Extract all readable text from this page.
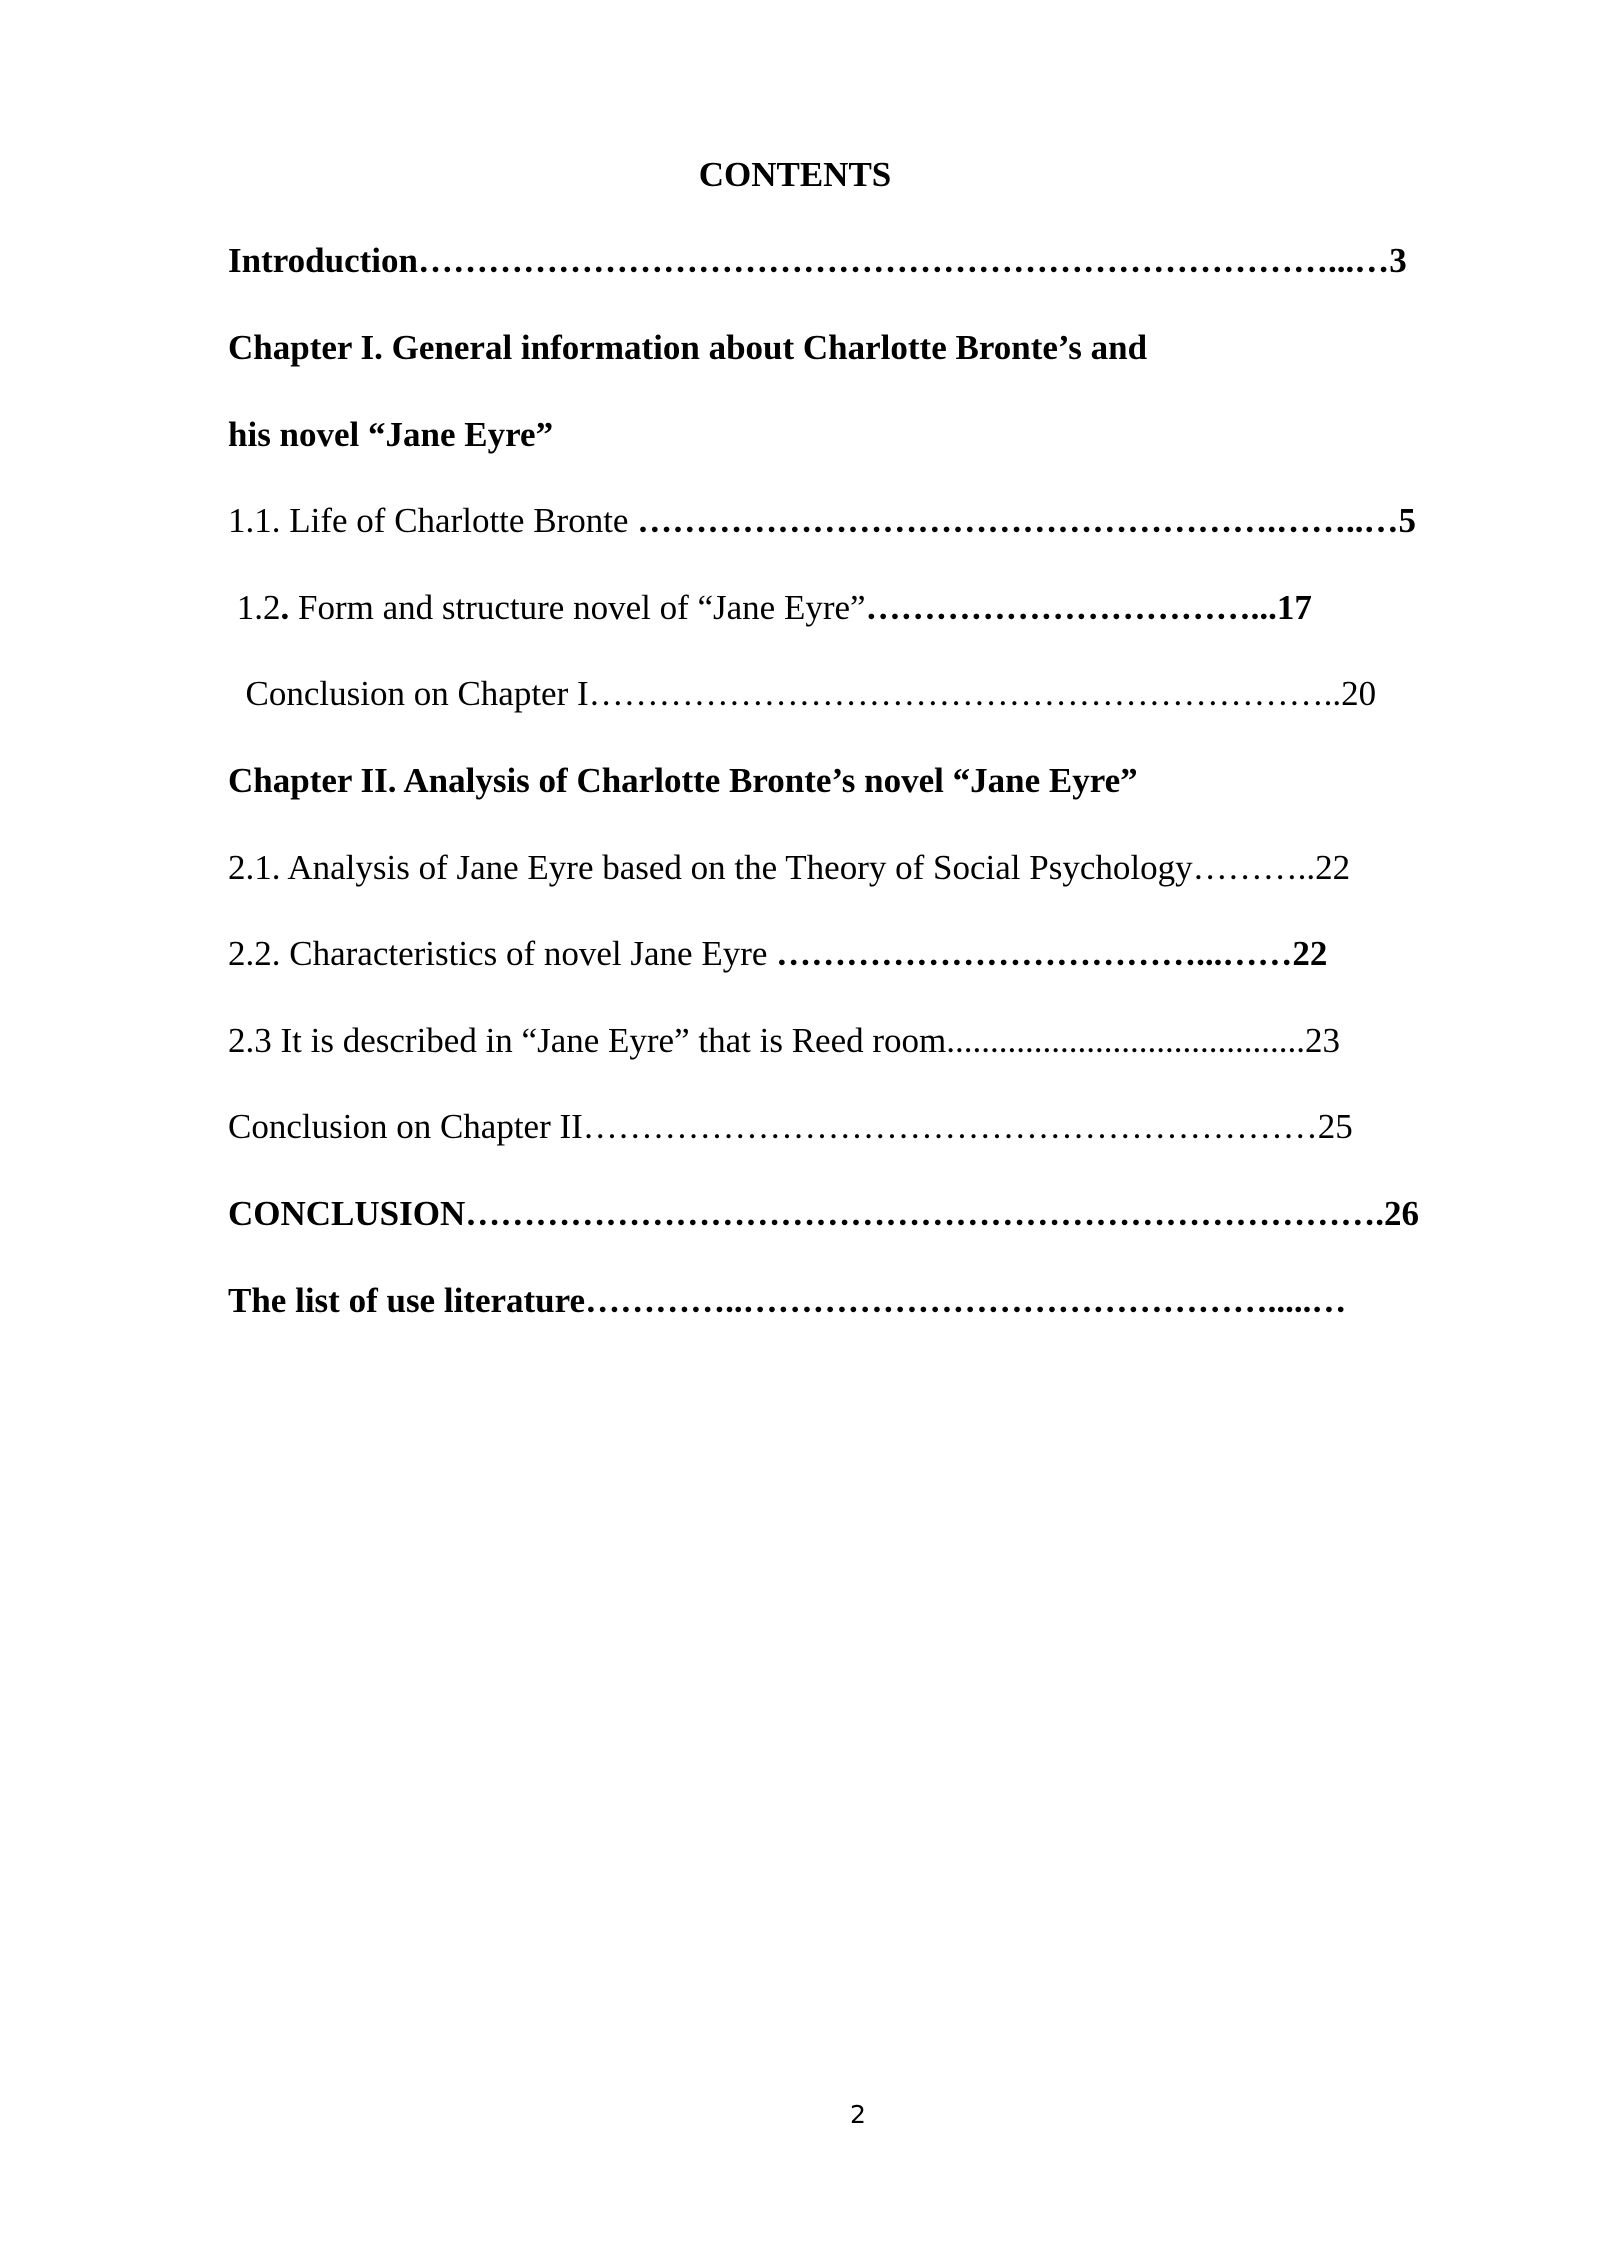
CONTENTS
Introduction……………………………………………………………………...…3
Chapter I. General information about Charlotte Bronte’s and
his novel “Jane Eyre”
1.1. Life of Charlotte Bronte ……………………………………………….……..…5
1.2. Form and structure novel of “Jane Eyre”……………………………...17
Conclusion on Chapter I………………………………………………………..20
Chapter II. Analysis of Charlotte Bronte’s novel “Jane Eyre”
2.1. Analysis of Jane Eyre based on the Theory of Social Psychology………..22
2.2. Characteristics of novel Jane Eyre ………………………………...……22
2.3 It is described in “Jane Eyre” that is Reed room.........................................23
Conclusion on Chapter II………………………………………………………25
CONCLUSION…………………………………………………………………….26
The list of use literature…………..……………………………………….....…
2
